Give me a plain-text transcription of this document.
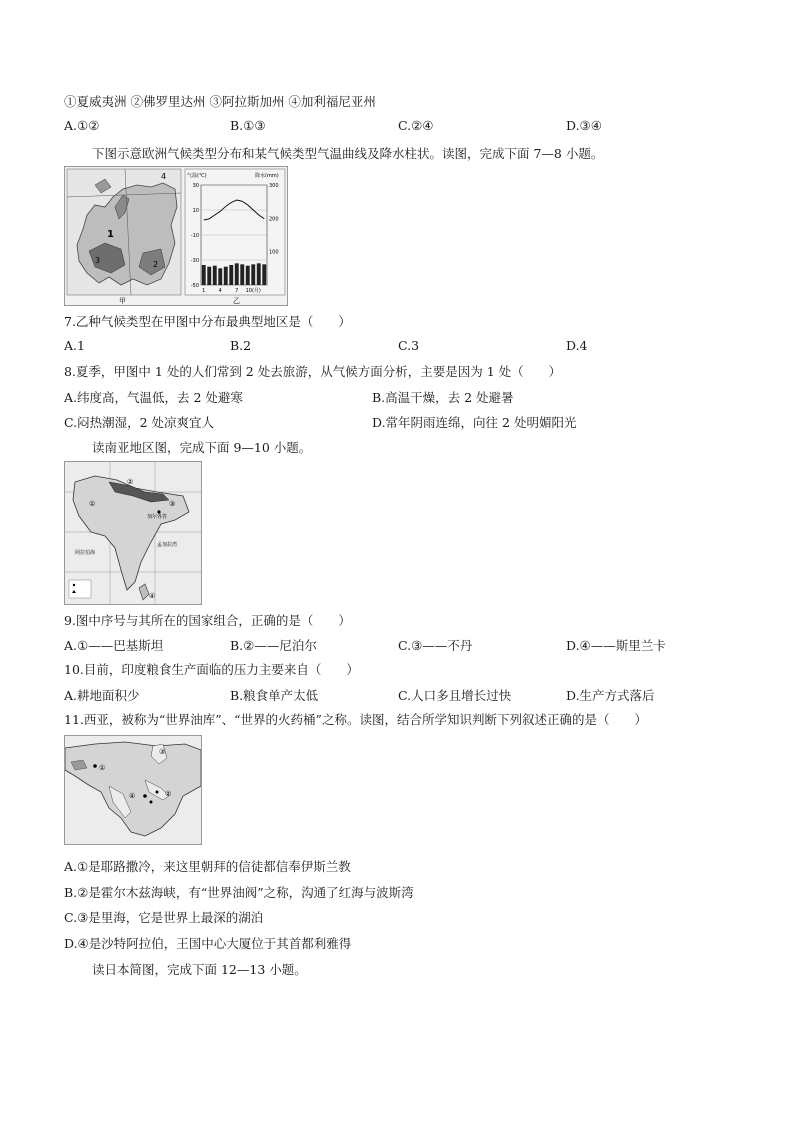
①夏威夷洲 ②佛罗里达州 ③阿拉斯加州 ④加利福尼亚州
A.①②	B.①③	C.②④	D.③④
下图示意欧洲气候类型分布和某气候类型气温曲线及降水柱状。读图，完成下面 7—8 小题。
1
2
3
4
甲
气温(℃)	降水(mm)
30
10
-10
-30
-50
300
200
100
1	4	7 10(月)
乙
7.乙种气候类型在甲图中分布最典型地区是（　　）
A.1	B.2	C.3	D.4
8.夏季，甲图中 1 处的人们常到 2 处去旅游，从气候方面分析，主要是因为 1 处（　　）
A.纬度高，气温低，去 2 处避寒	B.高温干燥，去 2 处避暑
C.闷热潮湿，2 处凉爽宜人	D.常年阴雨连绵，向往 2 处明媚阳光
读南亚地区图，完成下面 9—10 小题。
①
②
③
④
加尔各答
阿拉伯海
孟加拉湾
9.图中序号与其所在的国家组合，正确的是（　　）
A.①——巴基斯坦	B.②——尼泊尔	C.③——不丹	D.④——斯里兰卡
10.目前，印度粮食生产面临的压力主要来自（　　）
A.耕地面积少	B.粮食单产太低	C.人口多且增长过快	D.生产方式落后
11.西亚，被称为“世界油库”、“世界的火药桶”之称。读图，结合所学知识判断下列叙述正确的是（　　）
①
②
③
④
A.①是耶路撒冷，来这里朝拜的信徒都信奉伊斯兰教
B.②是霍尔木兹海峡，有“世界油阀”之称，沟通了红海与波斯湾
C.③是里海，它是世界上最深的湖泊
D.④是沙特阿拉伯，王国中心大厦位于其首都利雅得
读日本简图，完成下面 12—13 小题。
